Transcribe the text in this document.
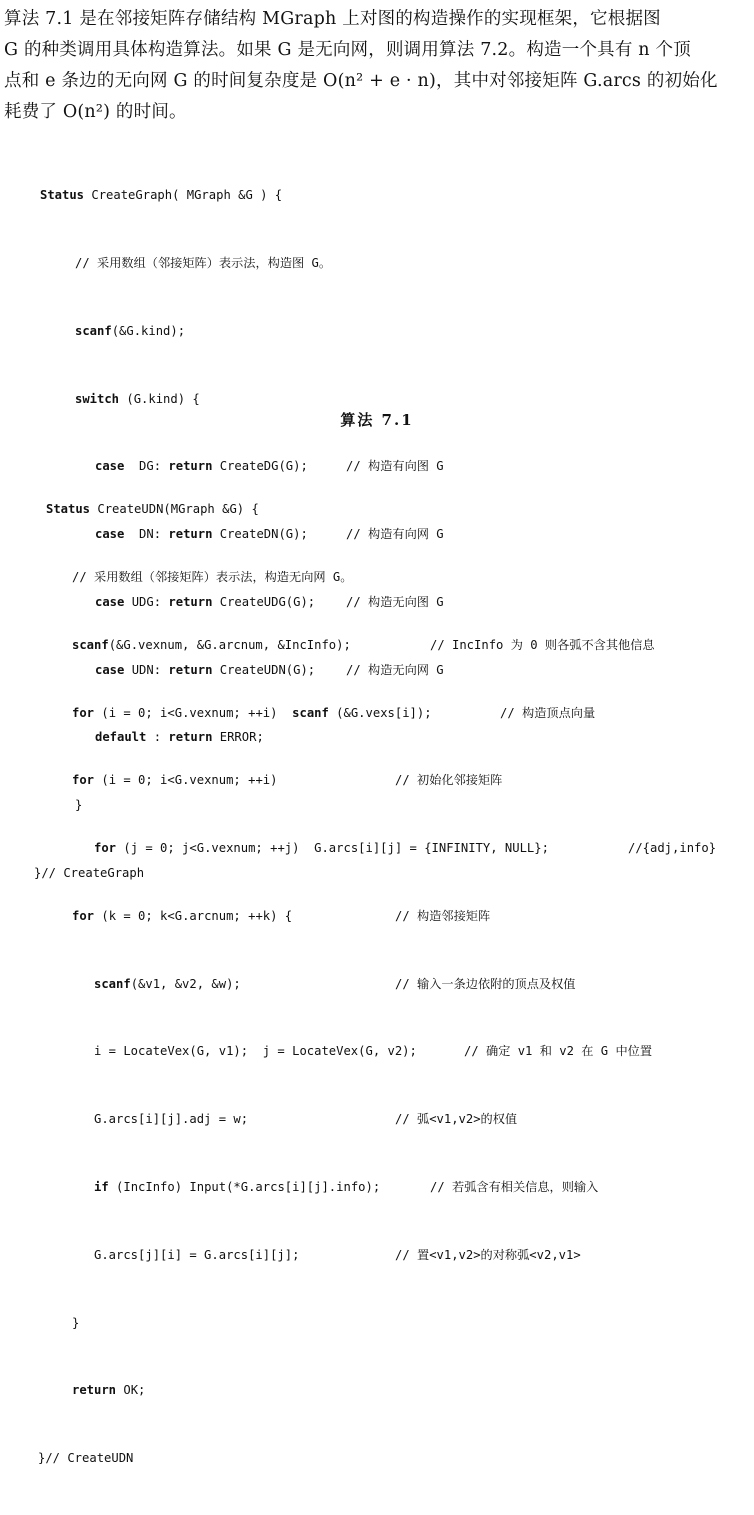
算法 7.1 是在邻接矩阵存储结构 MGraph 上对图的构造操作的实现框架，它根据图
G 的种类调用具体构造算法。如果 G 是无向网，则调用算法 7.2。构造一个具有 n 个顶
点和 e 条边的无向网 G 的时间复杂度是 O(n² + e · n)，其中对邻接矩阵 G.arcs 的初始化
耗费了 O(n²) 的时间。

Status CreateGraph( MGraph &G ) {

// 采用数组（邻接矩阵）表示法，构造图 G。

scanf(&G.kind);

switch (G.kind) {

case  DG: return CreateDG(G);	// 构造有向图 G

case  DN: return CreateDN(G);	// 构造有向网 G

case UDG: return CreateUDG(G);	// 构造无向图 G

case UDN: return CreateUDN(G);	// 构造无向网 G

default : return ERROR;

}

}// CreateGraph

算法 7.1

Status CreateUDN(MGraph &G) {

// 采用数组（邻接矩阵）表示法，构造无向网 G。

scanf(&G.vexnum, &G.arcnum, &IncInfo);	// IncInfo 为 0 则各弧不含其他信息

for (i = 0; i<G.vexnum; ++i)  scanf (&G.vexs[i]);	// 构造顶点向量

for (i = 0; i<G.vexnum; ++i)	// 初始化邻接矩阵

for (j = 0; j<G.vexnum; ++j)  G.arcs[i][j] = {INFINITY, NULL};	//{adj,info}

for (k = 0; k<G.arcnum; ++k) {	// 构造邻接矩阵

scanf(&v1, &v2, &w);	// 输入一条边依附的顶点及权值

i = LocateVex(G, v1);  j = LocateVex(G, v2);	// 确定 v1 和 v2 在 G 中位置

G.arcs[i][j].adj = w;	// 弧<v1,v2>的权值

if (IncInfo) Input(*G.arcs[i][j].info);	// 若弧含有相关信息，则输入

G.arcs[j][i] = G.arcs[i][j];	// 置<v1,v2>的对称弧<v2,v1>

}

return OK;

}// CreateUDN
